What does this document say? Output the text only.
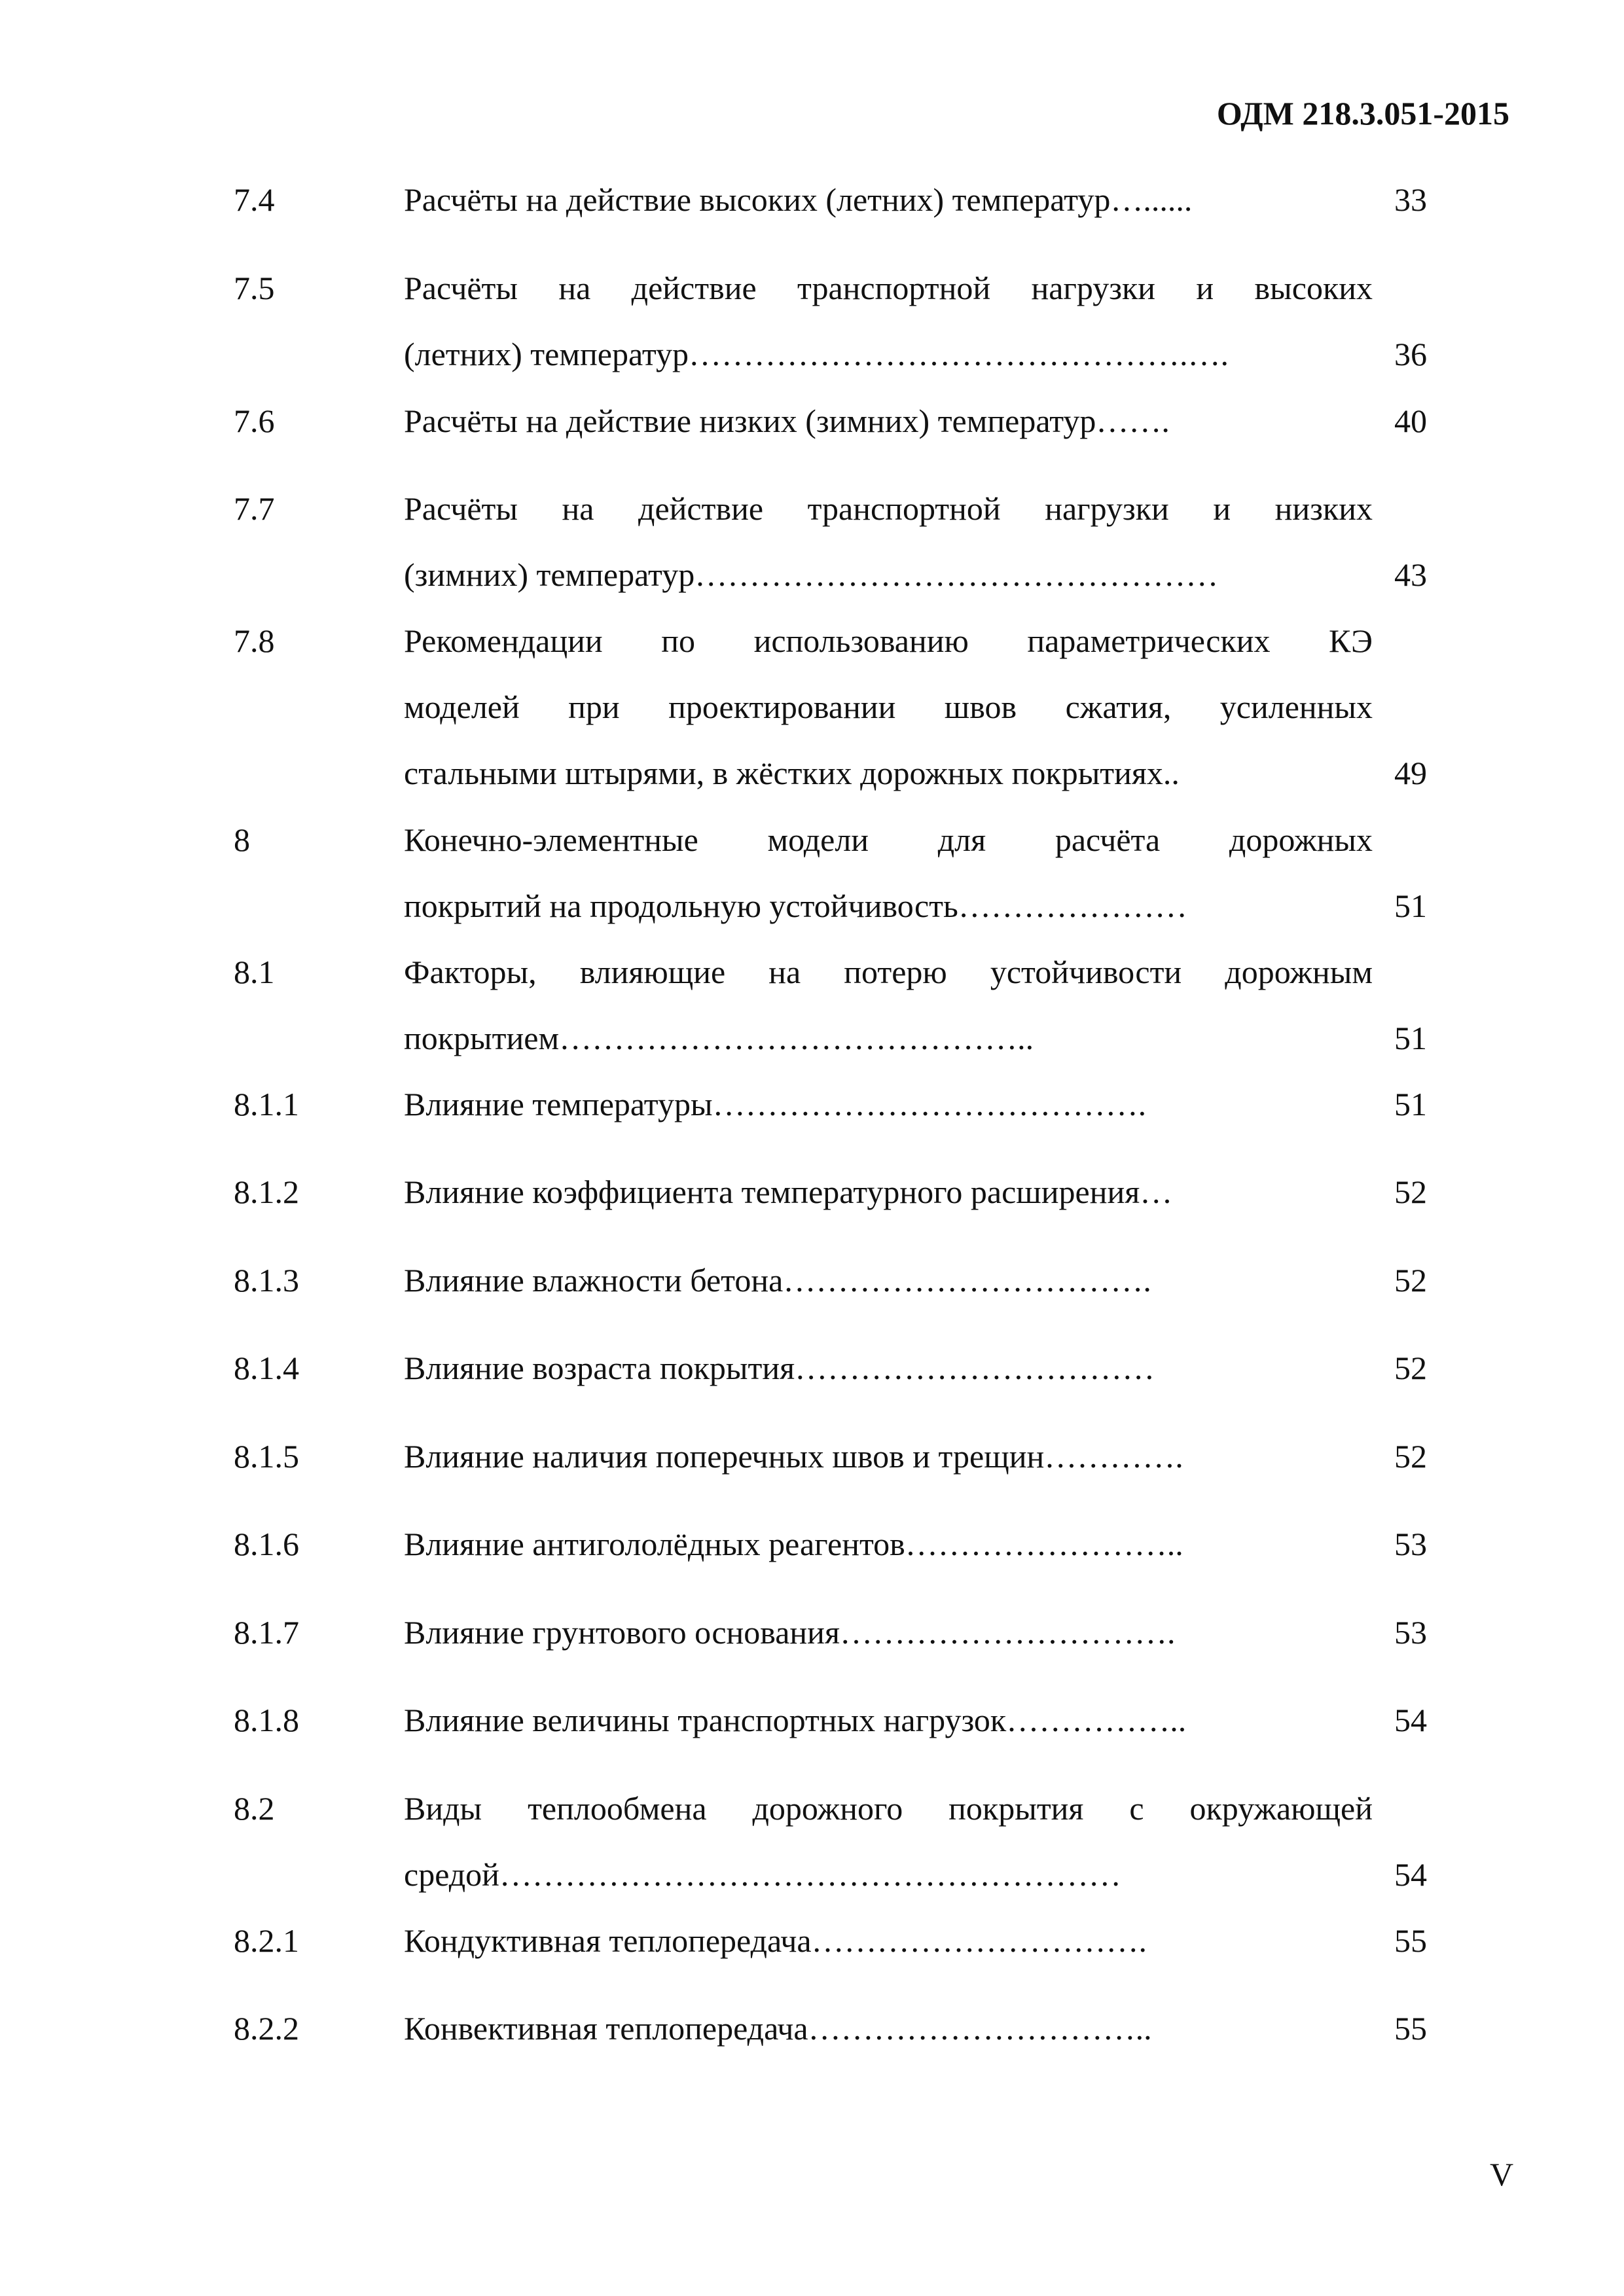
ОДМ 218.3.051-2015
7.4	Расчёты на действие высоких (летних) температур…......	33
7.5	Расчёты на действие транспортной нагрузки и высоких
(летних) температур……………………………………….….	36
7.6	Расчёты на действие низких (зимних) температур…….	40
7.7	Расчёты на действие транспортной нагрузки и низких
(зимних) температур…………………………………………	43
7.8	Рекомендации по использованию параметрических КЭ
моделей при проектировании швов сжатия, усиленных
стальными штырями, в жёстких дорожных покрытиях..	49
8	Конечно-элементные модели для расчёта дорожных
покрытий на продольную устойчивость…………………	51
8.1	Факторы, влияющие на потерю устойчивости дорожным
покрытием……………………………………..	51
8.1.1	Влияние температуры………………………………….	51
8.1.2	Влияние коэффициента температурного расширения…	52
8.1.3	Влияние влажности бетона…………………………….	52
8.1.4	Влияние возраста покрытия……………………………	52
8.1.5	Влияние наличия поперечных швов и трещин………….	52
8.1.6	Влияние антигололёдных реагентов……………………..	53
8.1.7	Влияние грунтового основания………………………….	53
8.1.8	Влияние величины транспортных нагрузок……………..	54
8.2	Виды теплообмена дорожного покрытия с окружающей
средой…………………………………………………	54
8.2.1	Кондуктивная теплопередача………………………….	55
8.2.2	Конвективная теплопередача…………………………..	55
V
